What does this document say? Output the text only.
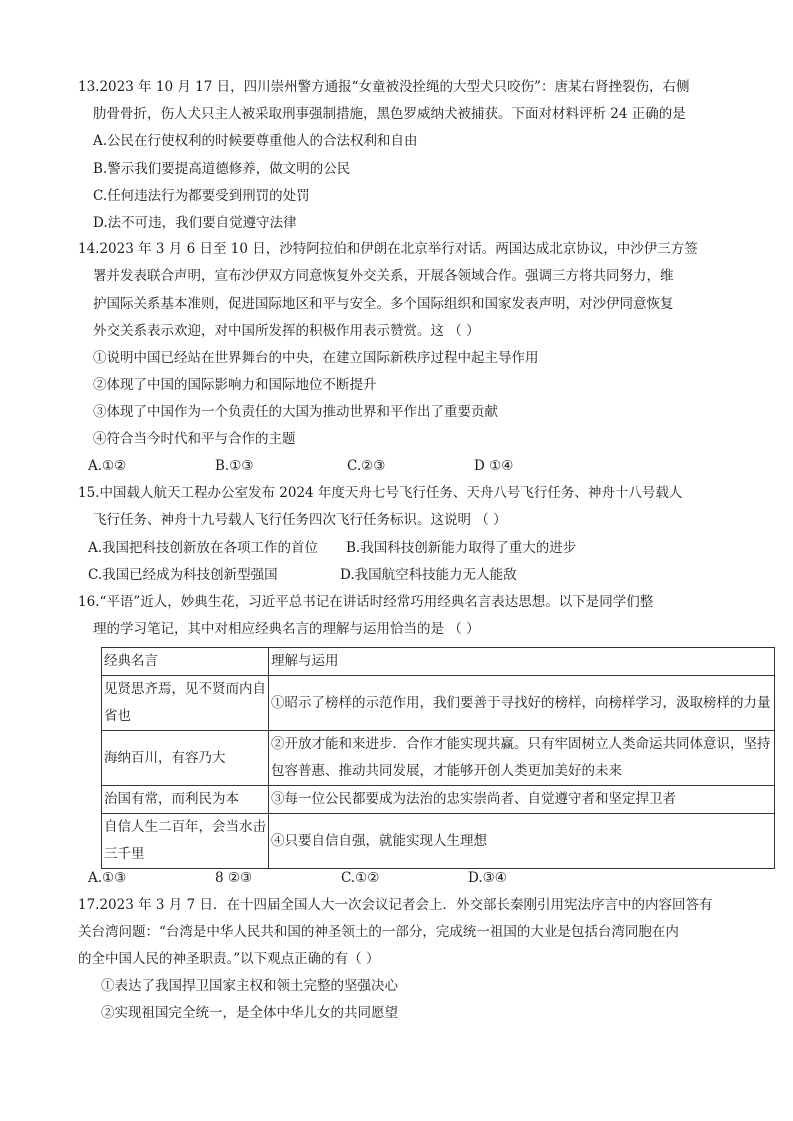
13.2023 年 10 月 17 日，四川崇州警方通报“女童被没拴绳的大型犬只咬伤”：唐某右肾挫裂伤，右侧
肋骨骨折，伤人犬只主人被采取刑事强制措施，黑色罗威纳犬被捕获。下面对材料评析 24 正确的是
A.公民在行使权利的时候要尊重他人的合法权利和自由
B.警示我们要提高道德修养，做文明的公民
C.任何违法行为都要受到刑罚的处罚
D.法不可违，我们要自觉遵守法律
14.2023 年 3 月 6 日至 10 日，沙特阿拉伯和伊朗在北京举行对话。两国达成北京协议，中沙伊三方签
署并发表联合声明，宣布沙伊双方同意恢复外交关系，开展各领域合作。强调三方将共同努力，维
护国际关系基本准则，促进国际地区和平与安全。多个国际组织和国家发表声明，对沙伊同意恢复
外交关系表示欢迎，对中国所发挥的积极作用表示赞赏。这 （ ）
①说明中国已经站在世界舞台的中央，在建立国际新秩序过程中起主导作用
②体现了中国的国际影响力和国际地位不断提升
③体现了中国作为一个负责任的大国为推动世界和平作出了重要贡献
④符合当今时代和平与合作的主题
A.①②	B.①③	C.②③	D ①④
15.中国载人航天工程办公室发布 2024 年度天舟七号飞行任务、天舟八号飞行任务、神舟十八号载人
飞行任务、神舟十九号载人飞行任务四次飞行任务标识。这说明 （ ）
A.我国把科技创新放在各项工作的首位 B.我国科技创新能力取得了重大的进步
C.我国已经成为科技创新型强国	D.我国航空科技能力无人能敌
16.“平语”近人，妙典生花，习近平总书记在讲话时经常巧用经典名言表达思想。以下是同学们整
理的学习笔记，其中对相应经典名言的理解与运用恰当的是 （ ）
经典名言	理解与运用

见贤思齐焉，见不贤而内自省也	①昭示了榜样的示范作用，我们要善于寻找好的榜样，向榜样学习，汲取榜样的力量

海纳百川，有容乃大	②开放才能和来进步．合作才能实现共赢。只有牢固树立人类命运共同体意识，坚持包容普惠、推动共同发展，才能够开创人类更加美好的未来

治国有常，而利民为本	③每一位公民都要成为法治的忠实崇尚者、自觉遵守者和坚定捍卫者

自信人生二百年，会当水击三千里	④只要自信自强，就能实现人生理想
A.①③	8 ②③	C.①②	D.③④
17.2023 年 3 月 7 日．在十四届全国人大一次会议记者会上．外交部长秦刚引用宪法序言中的内容回答有
关台湾问题：“台湾是中华人民共和国的神圣领土的一部分，完成统一祖国的大业是包括台湾同胞在内
的全中国人民的神圣职责。”以下观点正确的有（ ）
①表达了我国捍卫国家主权和领土完整的坚强决心
②实现祖国完全统一，是全体中华儿女的共同愿望
